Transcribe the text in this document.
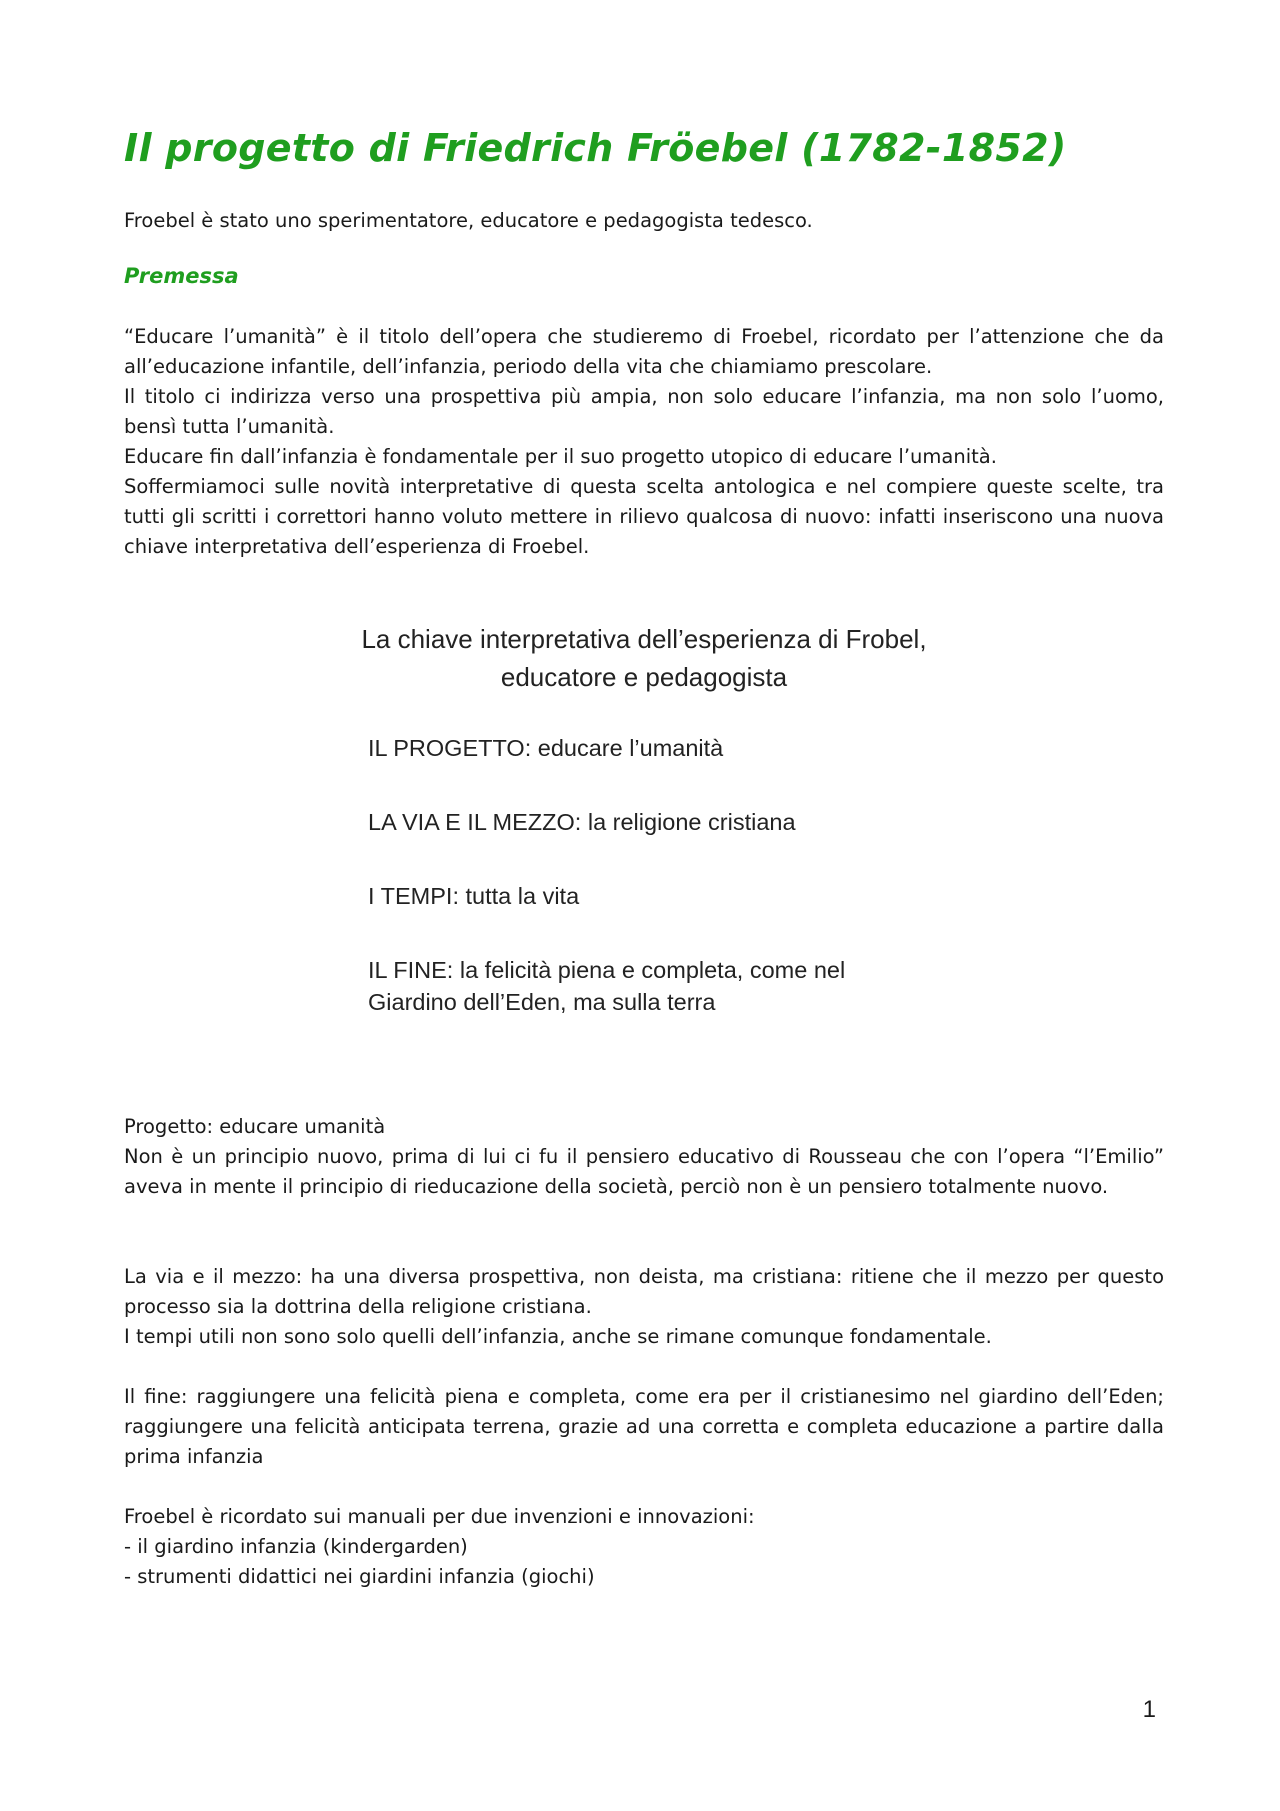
Il progetto di Friedrich Fröebel (1782-1852)

Froebel è stato uno sperimentatore, educatore e pedagogista tedesco.

Premessa

“Educare l’umanità” è il titolo dell’opera che studieremo di Froebel, ricordato per l’attenzione che da all’educazione infantile, dell’infanzia, periodo della vita che chiamiamo prescolare.

Il titolo ci indirizza verso una prospettiva più ampia, non solo educare l’infanzia, ma non solo l’uomo, bensì tutta l’umanità.

Educare fin dall’infanzia è fondamentale per il suo progetto utopico di educare l’umanità.

Soffermiamoci sulle novità interpretative di questa scelta antologica e nel compiere queste scelte, tra tutti gli scritti i correttori hanno voluto mettere in rilievo qualcosa di nuovo: infatti inseriscono una nuova chiave interpretativa dell’esperienza di Froebel.

La chiave interpretativa dell’esperienza di Frobel,
educatore e pedagogista

IL PROGETTO: educare l’umanità
LA VIA E IL MEZZO: la religione cristiana
I TEMPI: tutta la vita
IL FINE: la felicità piena e completa, come nel
Giardino dell’Eden, ma sulla terra

Progetto: educare umanità

Non è un principio nuovo, prima di lui ci fu il pensiero educativo di Rousseau che con l’opera “l’Emilio” aveva in mente il principio di rieducazione della società, perciò non è un pensiero totalmente nuovo.

La via e il mezzo: ha una diversa prospettiva, non deista, ma cristiana: ritiene che il mezzo per questo processo sia la dottrina della religione cristiana.

I tempi utili non sono solo quelli dell’infanzia, anche se rimane comunque fondamentale.

Il fine: raggiungere una felicità piena e completa, come era per il cristianesimo nel giardino dell’Eden; raggiungere una felicità anticipata terrena, grazie ad una corretta e completa educazione a partire dalla prima infanzia

Froebel è ricordato sui manuali per due invenzioni e innovazioni:

- il giardino infanzia (kindergarden)

- strumenti didattici nei giardini infanzia (giochi)

1
